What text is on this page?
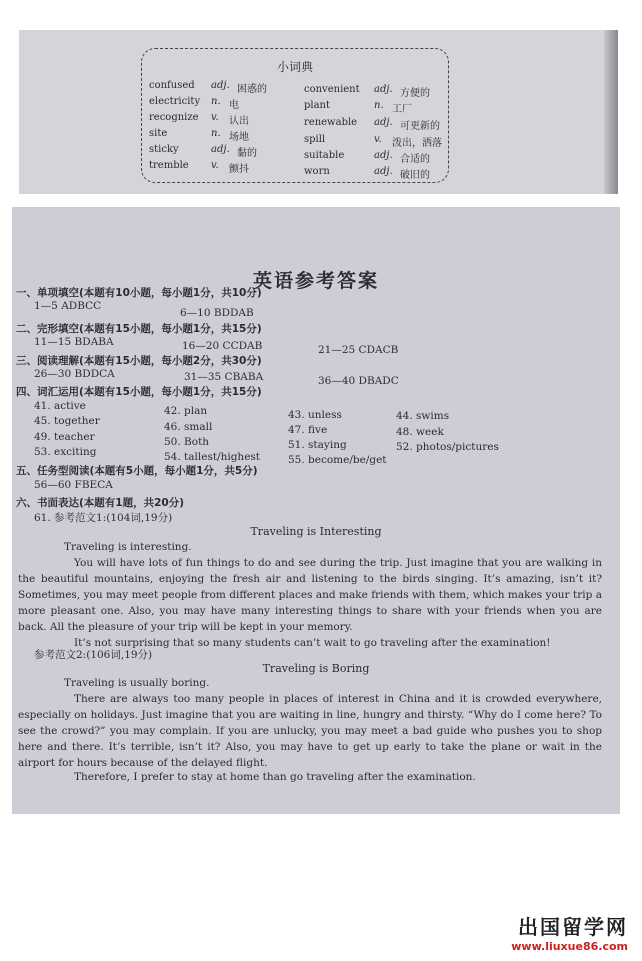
小词典
confused adj. 困惑的
electricity n. 电
recognize v. 认出
site	n. 场地
sticky	adj. 黏的
tremble v. 颤抖
convenient adj. 方便的
plant	n. 工厂
renewable adj. 可更新的
spill	v. 泼出，洒落
suitable	adj. 合适的
worn	adj. 破旧的
英语参考答案
一、单项填空(本题有10小题，每小题1分，共10分)
1—5 ADBCC
6—10 BDDAB
二、完形填空(本题有15小题，每小题1分，共15分)
11—15 BDABA	16—20 CCDAB	21—25 CDACB
三、阅读理解(本题有15小题，每小题2分，共30分)
26—30 BDDCA	31—35 CBABA	36—40 DBADC
四、词汇运用(本题有15小题，每小题1分，共15分)
41. active	42. plan	43. unless	44. swims
45. together	46. small	47. five	48. week
49. teacher	50. Both	51. staying	52. photos/pictures
53. exciting	54. tallest/highest	55. become/be/get
五、任务型阅读(本题有5小题，每小题1分，共5分)
56—60 FBECA
六、书面表达(本题有1题，共20分)
61. 参考范文1:(104词,19分)
Traveling is Interesting
Traveling is interesting.
You will have lots of fun things to do and see during the trip. Just imagine that you are walking in the beautiful mountains, enjoying the fresh air and listening to the birds singing. It’s amazing, isn’t it? Sometimes, you may meet people from different places and make friends with them, which makes your trip a more pleasant one. Also, you may have many interesting things to share with your friends when you are back. All the pleasure of your trip will be kept in your memory.
It’s not surprising that so many students can’t wait to go traveling after the examination!
参考范文2:(106词,19分)
Traveling is Boring
Traveling is usually boring.
There are always too many people in places of interest in China and it is crowded everywhere, especially on holidays. Just imagine that you are waiting in line, hungry and thirsty. “Why do I come here? To see the crowd?” you may complain. If you are unlucky, you may meet a bad guide who pushes you to shop here and there. It’s terrible, isn’t it? Also, you may have to get up early to take the plane or wait in the airport for hours because of the delayed flight.
Therefore, I prefer to stay at home than go traveling after the examination.
出国留学网
www.liuxue86.com
